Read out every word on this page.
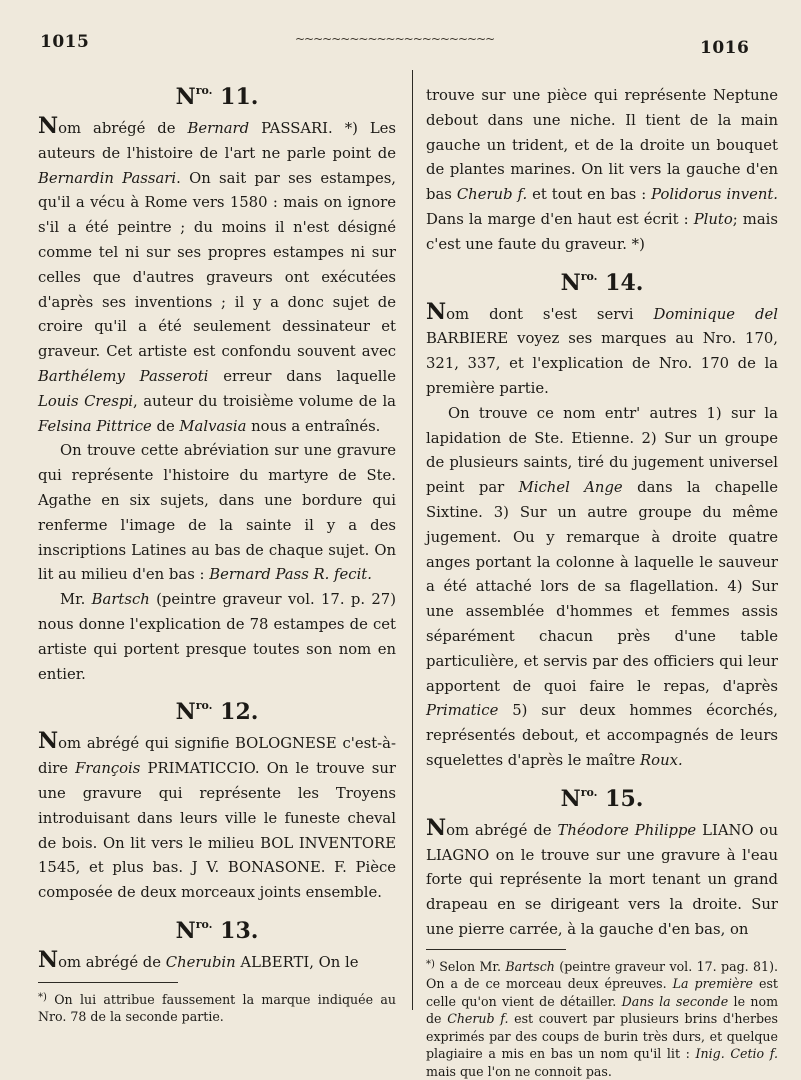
1015	~~~~~~~~~~~~~~~~~~~~~~	1016
$N^{ro.}$ 11.

Nom abrégé de Bernard PASSARI. *) Les auteurs de l'histoire de l'art ne parle point de Bernardin Passari. On sait par ses estampes, qu'il a vécu à Rome vers 1580 : mais on ignore s'il a été peintre ; du moins il n'est désigné comme tel ni sur ses propres estampes ni sur celles que d'autres graveurs ont exécutées d'après ses inventions ; il y a donc sujet de croire qu'il a été seulement dessinateur et graveur. Cet artiste est confondu souvent avec Barthélemy Passeroti erreur dans laquelle Louis Crespi, auteur du troisième volume de la Felsina Pittrice de Malvasia nous a entraînés.

On trouve cette abréviation sur une gravure qui représente l'histoire du martyre de Ste. Agathe en six sujets, dans une bordure qui renferme l'image de la sainte il y a des inscriptions Latines au bas de chaque sujet. On lit au milieu d'en bas : Bernard Pass R. fecit.

Mr. Bartsch (peintre graveur vol. 17. p. 27) nous donne l'explication de 78 estampes de cet artiste qui portent presque toutes son nom en entier.

$N^{ro.}$ 12.

Nom abrégé qui signifie BOLOGNESE c'est-à-dire François PRIMATICCIO. On le trouve sur une gravure qui représente les Troyens introduisant dans leurs ville le funeste cheval de bois. On lit vers le milieu BOL INVENTORE 1545, et plus bas. J V. BONASONE. F. Pièce composée de deux morceaux joints ensemble.

$N^{ro.}$ 13.

Nom abrégé de Cherubin ALBERTI, On le

*) On lui attribue faussement la marque indiquée au Nro. 78 de la seconde partie.

trouve sur une pièce qui représente Neptune debout dans une niche. Il tient de la main gauche un trident, et de la droite un bouquet de plantes marines. On lit vers la gauche d'en bas Cherub f. et tout en bas : Polidorus invent. Dans la marge d'en haut est écrit : Pluto; mais c'est une faute du graveur. *)

$N^{ro.}$ 14.

Nom dont s'est servi Dominique del BARBIERE voyez ses marques au Nro. 170, 321, 337, et l'explication de Nro. 170 de la première partie.

On trouve ce nom entr' autres 1) sur la lapidation de Ste. Etienne. 2) Sur un groupe de plusieurs saints, tiré du jugement universel peint par Michel Ange dans la chapelle Sixtine. 3) Sur un autre groupe du même jugement. Ou y remarque à droite quatre anges portant la colonne à laquelle le sauveur a été attaché lors de sa flagellation. 4) Sur une assemblée d'hommes et femmes assis séparément chacun près d'une table particulière, et servis par des officiers qui leur apportent de quoi faire le repas, d'après Primatice 5) sur deux hommes écorchés, représentés debout, et accompagnés de leurs squelettes d'après le maître Roux.

$N^{ro.}$ 15.

Nom abrégé de Théodore Philippe LIANO ou LIAGNO on le trouve sur une gravure à l'eau forte qui représente la mort tenant un grand drapeau en se dirigeant vers la droite. Sur une pierre carrée, à la gauche d'en bas, on

*) Selon Mr. Bartsch (peintre graveur vol. 17. pag. 81). On a de ce morceau deux épreuves. La première est celle qu'on vient de détailler. Dans la seconde le nom de Cherub f. est couvert par plusieurs brins d'herbes exprimés par des coups de burin très durs, et quelque plagiaire a mis en bas un nom qu'il lit : Inig. Cetio f. mais que l'on ne connoit pas.
